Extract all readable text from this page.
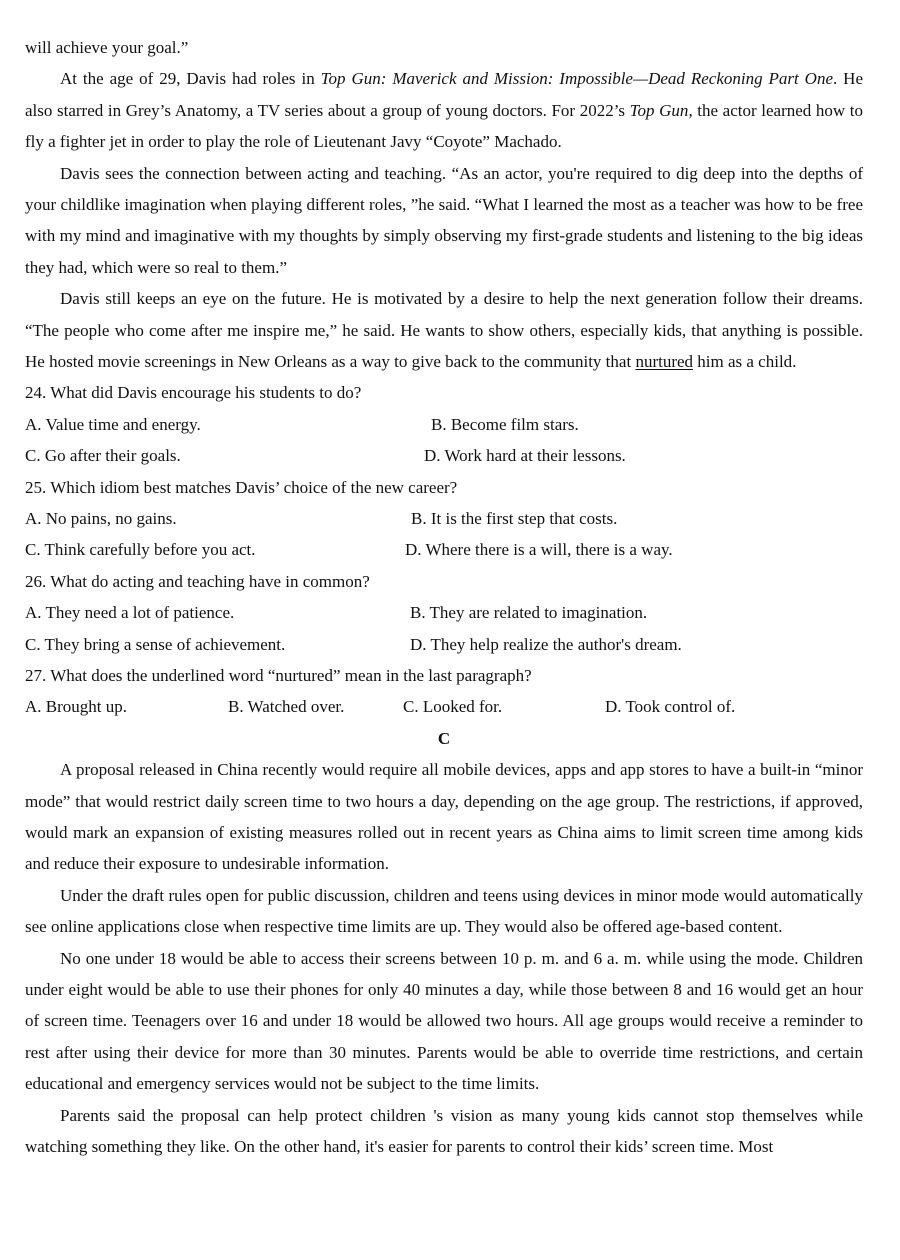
will achieve your goal.”

At the age of 29, Davis had roles in Top Gun: Maverick and Mission: Impossible—Dead Reckoning Part One. He also starred in Grey’s Anatomy, a TV series about a group of young doctors. For 2022’s Top Gun, the actor learned how to fly a fighter jet in order to play the role of Lieutenant Javy “Coyote” Machado.

Davis sees the connection between acting and teaching. “As an actor, you're required to dig deep into the depths of your childlike imagination when playing different roles, ”he said. “What I learned the most as a teacher was how to be free with my mind and imaginative with my thoughts by simply observing my first-grade students and listening to the big ideas they had, which were so real to them.”

Davis still keeps an eye on the future. He is motivated by a desire to help the next generation follow their dreams. “The people who come after me inspire me,” he said. He wants to show others, especially kids, that anything is possible. He hosted movie screenings in New Orleans as a way to give back to the community that nurtured him as a child.

24. What did Davis encourage his students to do?

A. Value time and energy.	B. Become film stars.
C. Go after their goals.	D. Work hard at their lessons.

25. Which idiom best matches Davis’ choice of the new career?

A. No pains, no gains.	B. It is the first step that costs.
C. Think carefully before you act.	D. Where there is a will, there is a way.

26. What do acting and teaching have in common?

A. They need a lot of patience.	B. They are related to imagination.
C. They bring a sense of achievement.	D. They help realize the author's dream.

27. What does the underlined word “nurtured” mean in the last paragraph?

A. Brought up.	B. Watched over.	C. Looked for.	D. Took control of.
C

A proposal released in China recently would require all mobile devices, apps and app stores to have a built-in “minor mode” that would restrict daily screen time to two hours a day, depending on the age group. The restrictions, if approved, would mark an expansion of existing measures rolled out in recent years as China aims to limit screen time among kids and reduce their exposure to undesirable information.

Under the draft rules open for public discussion, children and teens using devices in minor mode would automatically see online applications close when respective time limits are up. They would also be offered age-based content.

No one under 18 would be able to access their screens between 10 p. m. and 6 a. m. while using the mode. Children under eight would be able to use their phones for only 40 minutes a day, while those between 8 and 16 would get an hour of screen time. Teenagers over 16 and under 18 would be allowed two hours. All age groups would receive a reminder to rest after using their device for more than 30 minutes. Parents would be able to override time restrictions, and certain educational and emergency services would not be subject to the time limits.

Parents said the proposal can help protect children 's vision as many young kids cannot stop themselves while watching something they like. On the other hand, it's easier for parents to control their kids’ screen time. Most
